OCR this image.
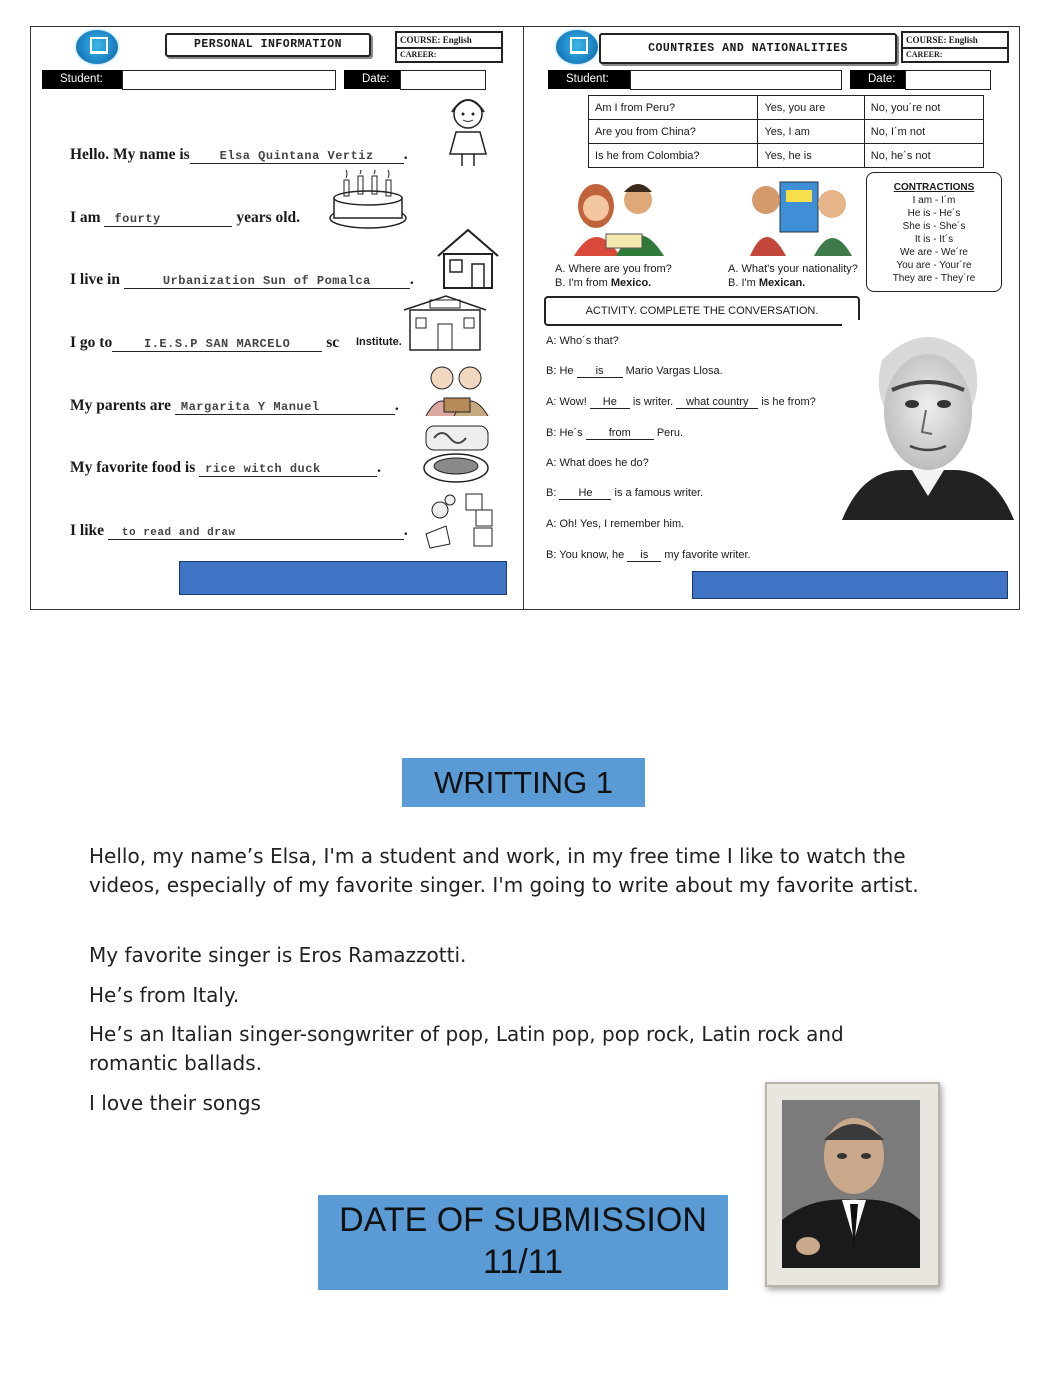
PERSONAL INFORMATION	COURSE: English
CAREER:
Student:	Date:
Hello. My name is Elsa Quintana Vertiz .
I am fourty	years old.
I live in	Urbanization Sun of Pomalca	.
I go to	I.E.S.P SAN MARCELO sc Institute.
My parents are Margarita Y Manuel	.
My favorite food is rice witch duck	.
I like to read and draw	.
COUNTRIES AND NATIONALITIES
COURSE: English
CAREER:
Student:	Date:
Am I from Peru?	Yes, you are	No, you´re not
Are you from China?	Yes, I am	No, I´m not
Is he from Colombia?	Yes, he is	No, he´s not
CONTRACTIONS
I am - I´m
He is - He´s
She is - She´s
It is - It´s
We are - We´re
You are - Your´re
They are - They´re
A. Where are you from?
B. I'm from Mexico.
A. What's your nationality?
B. I'm Mexican.
ACTIVITY. COMPLETE THE CONVERSATION.
A: Who´s that?
B: He is Mario Vargas Llosa.
A: Wow! He is writer. what country is he from?
B: He´s from Peru.
A: What does he do?
B: He is a famous writer.
A: Oh! Yes, I remember him.
B: You know, he is my favorite writer.
WRITTING 1
Hello, my name’s Elsa, I'm a student and work, in my free time I like to watch the videos, especially of my favorite singer. I'm going to write about my favorite artist.
My favorite singer is Eros Ramazzotti.
He’s from Italy.
He’s an Italian singer-songwriter of pop, Latin pop, pop rock, Latin rock and romantic ballads.
I love their songs
DATE OF SUBMISSION
11/11
